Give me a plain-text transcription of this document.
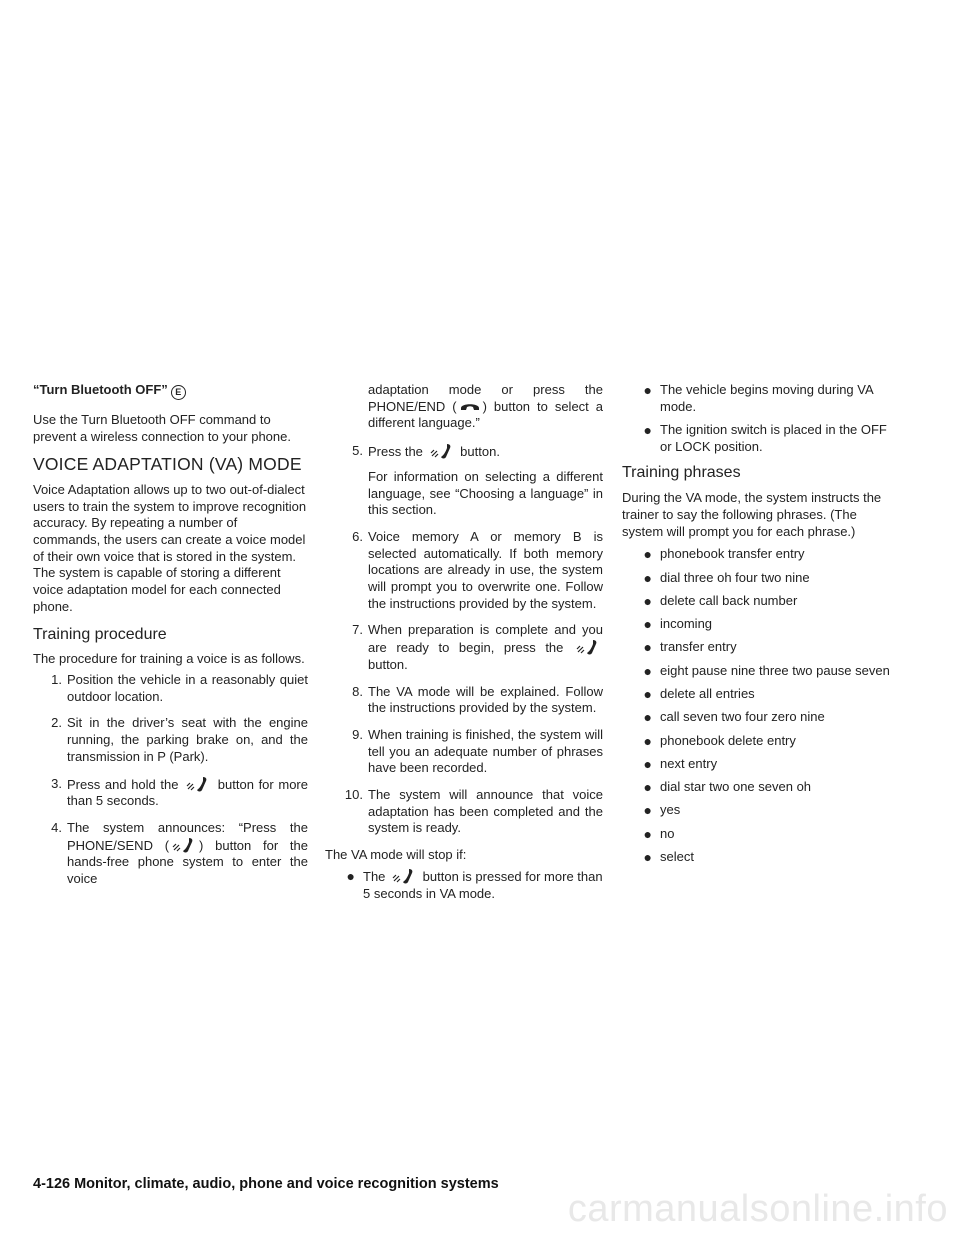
“Turn Bluetooth OFF” E

Use the Turn Bluetooth OFF command to prevent a wireless connection to your phone.

VOICE ADAPTATION (VA) MODE

Voice Adaptation allows up to two out-of-dialect users to train the system to improve recognition accuracy. By repeating a number of commands, the users can create a voice model of their own voice that is stored in the system. The system is capable of storing a different voice adaptation model for each connected phone.

Training procedure

The procedure for training a voice is as follows.

1. Position the vehicle in a reasonably quiet outdoor location.
2. Sit in the driver’s seat with the engine running, the parking brake on, and the transmission in P (Park).
3. Press and hold the	button for more than 5 seconds.
4. The system announces: “Press the PHONE/SEND ( ) button for the hands-free phone system to enter the voice

adaptation mode or press the PHONE/END ( ) button to select a different language.”

5. Press the	button.
For information on selecting a different language, see “Choosing a language” in this section.
6. Voice memory A or memory B is selected automatically. If both memory locations are already in use, the system will prompt you to overwrite one. Follow the instructions provided by the system.
7. When preparation is complete and you are ready to begin, press the  button.
8. The VA mode will be explained. Follow the instructions provided by the system.
9. When training is finished, the system will tell you an adequate number of phrases have been recorded.
10. The system will announce that voice adaptation has been completed and the system is ready.

The VA mode will stop if:

● The	button is pressed for more than 5 seconds in VA mode.
● The vehicle begins moving during VA mode.
● The ignition switch is placed in the OFF or LOCK position.
Training phrases

During the VA mode, the system instructs the trainer to say the following phrases. (The system will prompt you for each phrase.)

● phonebook transfer entry
● dial three oh four two nine
● delete call back number
● incoming
● transfer entry
● eight pause nine three two pause seven
● delete all entries
● call seven two four zero nine
● phonebook delete entry
● next entry
● dial star two one seven oh
● yes
● no
● select
4-126 Monitor, climate, audio, phone and voice recognition systems
carmanualsonline.info
